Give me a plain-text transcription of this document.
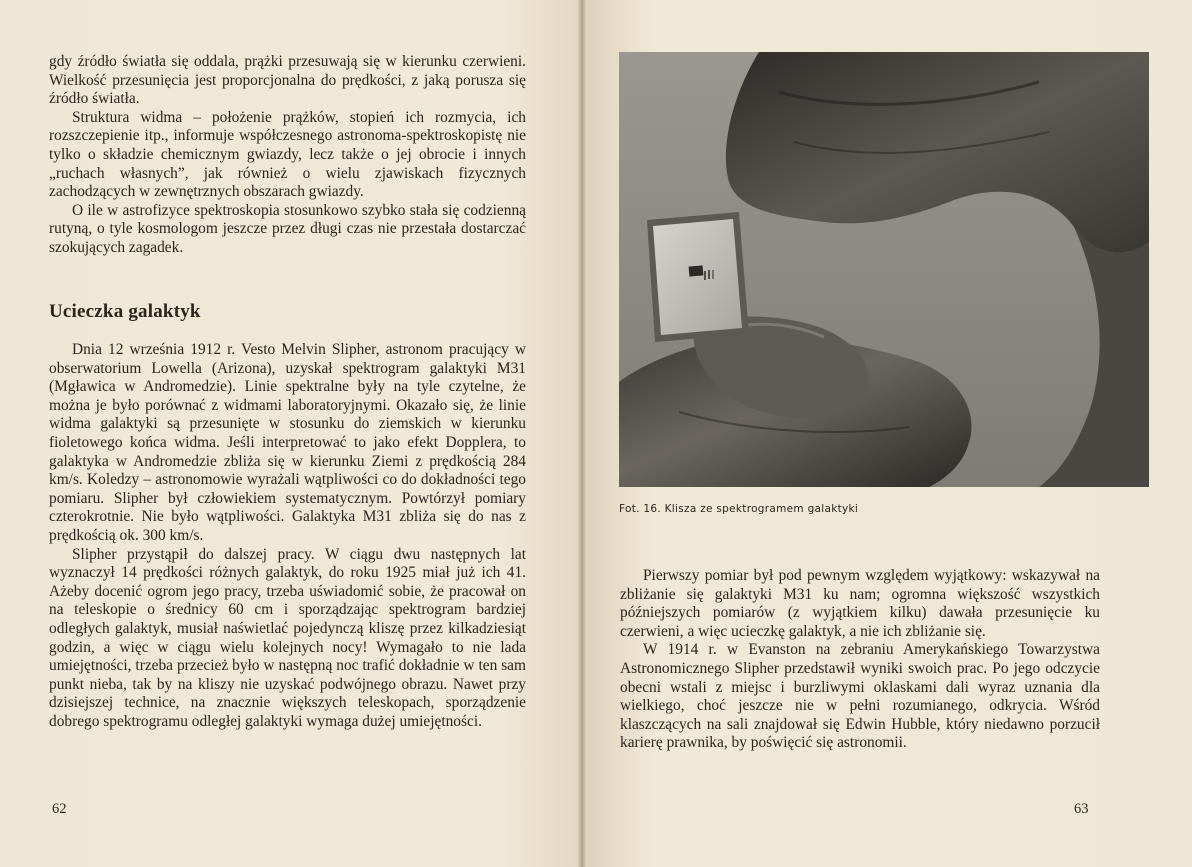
gdy źródło światła się oddala, prążki przesuwają się w kierunku czerwieni. Wielkość przesunięcia jest proporcjonalna do prędkości, z jaką porusza się źródło światła.

Struktura widma – położenie prążków, stopień ich rozmycia, ich rozszczepienie itp., informuje współczesnego astronoma-spektroskopistę nie tylko o składzie chemicznym gwiazdy, lecz także o jej obrocie i innych „ruchach własnych”, jak również o wielu zjawiskach fizycznych zachodzących w zewnętrznych obszarach gwiazdy.

O ile w astrofizyce spektroskopia stosunkowo szybko stała się codzienną rutyną, o tyle kosmologom jeszcze przez długi czas nie przestała dostarczać szokujących zagadek.

Ucieczka galaktyk

Dnia 12 września 1912 r. Vesto Melvin Slipher, astronom pracujący w obserwatorium Lowella (Arizona), uzyskał spektrogram galaktyki M31 (Mgławica w Andromedzie). Linie spektralne były na tyle czytelne, że można je było porównać z widmami laboratoryjnymi. Okazało się, że linie widma galaktyki są przesunięte w stosunku do ziemskich w kierunku fioletowego końca widma. Jeśli interpretować to jako efekt Dopplera, to galaktyka w Andromedzie zbliża się w kierunku Ziemi z prędkością 284 km/s. Koledzy – astronomowie wyrażali wątpliwości co do dokładności tego pomiaru. Slipher był człowiekiem systematycznym. Powtórzył pomiary czterokrotnie. Nie było wątpliwości. Galaktyka M31 zbliża się do nas z prędkością ok. 300 km/s.

Slipher przystąpił do dalszej pracy. W ciągu dwu następnych lat wyznaczył 14 prędkości różnych galaktyk, do roku 1925 miał już ich 41. Ażeby docenić ogrom jego pracy, trzeba uświadomić sobie, że pracował on na teleskopie o średnicy 60 cm i sporządzając spektrogram bardziej odległych galaktyk, musiał naświetlać pojedynczą kliszę przez kilkadziesiąt godzin, a więc w ciągu wielu kolejnych nocy! Wymagało to nie lada umiejętności, trzeba przecież było w następną noc trafić dokładnie w ten sam punkt nieba, tak by na kliszy nie uzyskać podwójnego obrazu. Nawet przy dzisiejszej technice, na znacznie większych teleskopach, sporządzenie dobrego spektrogramu odległej galaktyki wymaga dużej umiejętności.

62
Fot. 16. Klisza ze spektrogramem galaktyki

Pierwszy pomiar był pod pewnym względem wyjątkowy: wskazywał na zbliżanie się galaktyki M31 ku nam; ogromna większość wszystkich późniejszych pomiarów (z wyjątkiem kilku) dawała przesunięcie ku czerwieni, a więc ucieczkę galaktyk, a nie ich zbliżanie się.

W 1914 r. w Evanston na zebraniu Amerykańskiego Towarzystwa Astronomicznego Slipher przedstawił wyniki swoich prac. Po jego odczycie obecni wstali z miejsc i burzliwymi oklaskami dali wyraz uznania dla wielkiego, choć jeszcze nie w pełni rozumianego, odkrycia. Wśród klaszczących na sali znajdował się Edwin Hubble, który niedawno porzucił karierę prawnika, by poświęcić się astronomii.

63
